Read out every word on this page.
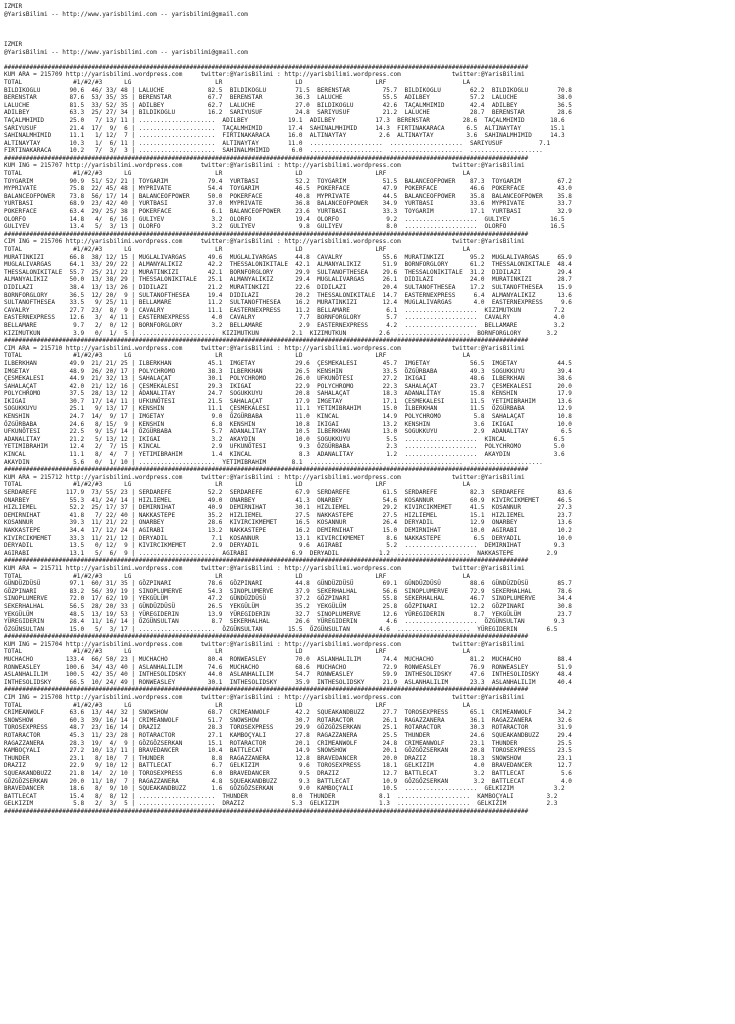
IZMIR
@YarisBilimi -- http://www.yarisbilimi.com -- yarisbilimi@gmail.com

IZMIR
@YarisBilimi -- http://www.yarisbilimi.com -- yarisbilimi@gmail.com

################################################################################################################################################
KUM ARA = 215709 http://yarisbilimi.wordpress.com     twitter:@YarisBilimi : http://yarisbilimi.wordpress.com              twitter:@YarisBilimi
TOTAL              #1/#2/#3      LG                       LR                    LD                    LRF                     LA
BILDIKOGLU        90.6  46/ 33/ 48 | LALUCHE            82.5  BILDIKOGLU        71.5  BERENSTAR         75.7  BILDIKOGLU        62.2  BILDIKOGLU        70.8
BERENSTAR         87.6  53/ 35/ 35 | BERENSTAR          67.7  BERENSTAR         36.3  LALUCHE           55.5  ADILBEY           57.2  LALUCHE           38.0
LALUCHE           81.5  33/ 52/ 35 | ADILBEY            62.7  LALUCHE           27.0  BILDIKOGLU        42.6  TAÇALMHIMID       42.4  ADILBEY           36.5
ADILBEY           63.3  25/ 27/ 34 | BILDIKOGLU         16.2  SARIYUSUF         24.8  SARIYUSUF         21.2  LALUCHE           28.7  BERENSTAR         28.6
TAÇALMHIMID       25.0   7/ 13/ 11 | .....................  ADILBEY           19.1  ADILBEY           17.3  BERENSTAR         28.6  TAÇALMHIMID       18.6
SARIYUSUF         21.4  17/  9/  6 | .....................  TAÇALMHIMID       17.4  SAHINALMHIMID     14.3  FIRTINAKARACA      6.5  ALTINAYTAY        15.1
SAHINALMHIMID     11.1   1/ 12/  7 | .....................  FIRTINAKARACA     16.0  ALTINAYTAY         2.6  ALTINAYTAY         3.6  SAHINALMHIMID     14.3
ALTINAYTAY        10.3   1/  6/ 11 | .....................  ALTINAYTAY        11.0  ....................  ....................  SARIYUSUF          7.1
FIRTINAKARACA     10.2   7/  3/  3 | .....................  SAHINALMHIMID      6.0  ....................  ....................  ....................
################################################################################################################################################
KUM ING = 215707 http://yarisbilimi.wordpress.com     twitter:@YarisBilimi : http://yarisbilimi.wordpress.com              twitter:@YarisBilimi
TOTAL              #1/#2/#3      LG                       LR                    LD                    LRF                     LA
TOYGARIM          90.9  51/ 52/ 21 | TOYGARIM           79.4  YURTBASI          52.2  TOYGARIM          51.5  BALANCEOFPOWER    87.3  TOYGARIM          67.2
MYPRIVATE         75.8  22/ 45/ 48 | MYPRIVATE          54.4  TOYGARIM          46.5  POKERFACE         47.9  POKERFACE         46.6  POKERFACE         43.0
BALANCEOFPOWER    73.8  56/ 17/ 14 | BALANCEOFPOWER     50.0  POKERFACE         40.8  MYPRIVATE         44.5  BALANCEOFPOWER    35.8  BALANCEOFPOWER    35.8
YURTBASI          68.9  23/ 42/ 40 | YURTBASI           37.0  MYPRIVATE         36.8  BALANCEOFPOWER    34.9  YURTBASI          33.6  MYPRIVATE         33.7
POKERFACE         63.4  29/ 25/ 38 | POKERFACE           6.1  BALANCEOFPOWER    23.6  YURTBASI          33.3  TOYGARIM          17.1  YURTBASI          32.9
OLORFO            14.8   4/  6/ 16 | GULIYEV             3.2  OLORFO            19.4  OLORFO             9.2  ....................  GULIYEV           16.5
GULIYEV           13.4   5/  3/ 13 | OLORFO              3.2  GULIYEV            9.8  GULIYEV            8.0  ....................  OLORFO            16.5
################################################################################################################################################
CIM ING = 215706 http://yarisbilimi.wordpress.com     twitter:@YarisBilimi : http://yarisbilimi.wordpress.com              twitter:@YarisBilimi
TOTAL              #1/#2/#3      LG                       LR                    LD                    LRF                     LA
MURATINKIZI       66.8  38/ 12/ 15 | MUGLALIVARGAS      49.6  MUGLALIVARGAS     44.8  CAVALRY           55.6  MURATINKIZI       95.2  MUGLALIVARGAS     65.9
MUGLALIVARGAS     64.1  33/ 29/ 22 | ALMANYALIKIZ       42.2  THESSALONIKITALE  42.1  ALMANYALIKIZ      51.9  BORNFORGLORY      61.2  THESSALONIKITALE  48.4
THESSALONIKITALE  55.7  25/ 21/ 22 | MURATINKIZI        42.1  BORNFORGLORY      29.9  SULTANOFTHESEA    29.6  THESSALONIKITALE  31.2  DIDILAZI          29.4
ALMANYALIKIZ      50.0  13/ 38/ 29 | THESSALONIKITALE   25.1  ALMANYALIKIZ      29.4  MUGLALIVARGAS     26.1  DIDILAZI          24.0  MURATINKIZI       28.7
DIDILAZI          38.4  13/ 13/ 26 | DIDILAZI           21.2  MURATINKIZI       22.6  DIDILAZI          20.4  SULTANOFTHESEA    17.2  SULTANOFTHESEA    15.9
BORNFORGLORY      36.5  12/ 20/  9 | SULTANOFTHESEA     19.4  DIDILAZI          20.2  THESSALONIKITALE  14.7  EASTERNEXPRESS     6.4  ALMANYALIKIZ      13.6
SULTANOFTHESEA    33.5   9/ 25/ 11 | BELLAMARE          11.2  SULTANOFTHESEA    16.2  MURATINKIZI       12.4  MUGLALIVARGAS      4.0  EASTERNEXPRESS     9.6
CAVALRY           27.7  23/  8/  9 | CAVALRY            11.1  EASTERNEXPRESS    11.2  BELLAMARE          6.1  ....................  KIZIMUTKUN         7.2
EASTERNEXPRESS    12.6   3/  4/ 11 | EASTERNEXPRESS      4.0  CAVALRY            7.7  BORNFORGLORY       5.7  ....................  CAVALRY            4.0
BELLAMARE          9.7   2/  0/ 12 | BORNFORGLORY        3.2  BELLAMARE          2.9  EASTERNEXPRESS     4.2  ....................  BELLAMARE          3.2
KIZIMUTKUN         3.9   0/  1/  5 | .....................  KIZIMUTKUN         2.1  KIZIMUTKUN         2.6  ....................  BORNFORGLORY       3.2
################################################################################################################################################
CIM ARA = 215710 http://yarisbilimi.wordpress.com     twitter:@YarisBilimi : http://yarisbilimi.wordpress.com              twitter:@YarisBilimi
TOTAL              #1/#2/#3      LG                       LR                    LD                    LRF                     LA
ILBERKHAN         49.9  21/ 21/ 25 | ILBERKHAN          45.1  IMGETAY           29.6  ÇESMEKALESI       45.7  IMGETAY           56.5  IMGETAY           44.5
IMGETAY           48.9  26/ 20/ 17 | POLYCHROMO         38.3  ILBERKHAN         26.5  KENSHIN           33.5  ÖZGÜRBABA         49.3  SOGUKKUYU         39.4
ÇESMEKALESI       44.9  21/ 32/ 13 | SAHALAÇAT          30.1  POLYCHROMO        26.0  UFKUNÖTESI        27.2  IKIGAI            48.6  ILBERKHAN         38.6
SAHALAÇAT         42.0  21/ 12/ 16 | ÇESMEKALESI        29.3  IKIGAI            22.9  POLYCHROMO        22.3  SAHALAÇAT         23.7  ÇESMEKALESI       20.0
POLYCHROMO        37.5  28/ 13/ 12 | ADANALITAY         24.7  SOGUKKUYU         20.8  SAHALAÇAT         18.3  ADANALITAY        15.8  KENSHIN           17.9
IKIGAI            30.7  17/ 14/ 11 | UFKUNÖTESI         21.5  SAHALAÇAT         17.9  IMGETAY           17.1  ÇESMEKALESI       11.5  YETIMIBRAHIM      13.6
SOGUKKUYU         25.1   9/ 13/ 17 | KENSHIN            11.1  ÇESMEKALESI       11.1  YETIMIBRAHIM      15.0  ILBERKHAN         11.5  ÖZGÜRBABA         12.9
KENSHIN           24.7  14/  9/ 17 | IMGETAY             9.0  ÖZGÜRBABA         11.0  KINCAL            14.9  POLYCHROMO         5.8  SAHALAÇAT         10.8
ÖZGÜRBABA         24.6   8/ 15/  9 | KENSHIN             6.8  KENSHIN           10.8  IKIGAI            13.2  KENSHIN            3.6  IKIGAI            10.0
UFKUNÖTESI        22.5   9/ 15/ 14 | ÖZGÜRBABA           5.7  ADANALITAY        10.5  ILBERKHAN         13.0  SOGUKKUYU          2.9  ADANALITAY         6.5
ADANALITAY        21.2   5/ 13/ 12 | IKIGAI              3.2  AKAYDIN           10.0  SOGUKKUYU          5.5  ....................  KINCAL             6.5
YETIMIBRAHIM      12.4   2/  7/ 15 | KINCAL              2.9  UFKUNÖTESI         9.3  ÖZGÜRBABA          2.3  ....................  POLYCHROMO         5.0
KINCAL            11.1   8/  4/  7 | YETIMIBRAHIM        1.4  KINCAL             8.3  ADANALITAY         1.2  ....................  AKAYDIN            3.6
AKAYDIN            5.6   0/  1/ 10 | .....................  YETIMIBRAHIM       8.1  ....................  ....................  ....................
################################################################################################################################################
KUM ARA = 215712 http://yarisbilimi.wordpress.com     twitter:@YarisBilimi : http://yarisbilimi.wordpress.com              twitter:@YarisBilimi
TOTAL              #1/#2/#3      LG                       LR                    LD                    LRF                     LA
SERDAREFE        117.9  73/ 55/ 23 | SERDAREFE          52.2  SERDAREFE         67.9  SERDAREFE         61.5  SERDAREFE         82.3  SERDAREFE         83.6
ONARBEY           55.3  41/ 24/ 14 | HIZLIEMEL          49.0  ONARBEY           41.3  ONARBEY           54.6  KOSANNUR          60.9  KIVIRCIKMEMET     46.5
HIZLIEMEL         52.2  25/ 17/ 37 | DEMIRNIHAT         40.9  DEMIRNIHAT        30.1  HIZLIEMEL         29.2  KIVIRCIKMEMET     41.5  KOSANNUR          27.3
DEMIRNIHAT        41.8   7/ 22/ 40 | NAKKASTEPE         35.2  HIZLIEMEL         27.5  NAKKASTEPE        27.5  HIZLIEMEL         15.1  HIZLIEMEL         23.7
KOSANNUR          39.3  11/ 21/ 22 | ONARBEY            28.6  KIVIRCIKMEMET     16.5  KOSANNUR          26.4  DERYADIL          12.9  ONARBEY           13.6
NAKKASTEPE        34.4  17/ 12/ 24 | AGIRABI            13.2  NAKKASTEPE        16.2  DEMIRNIHAT        15.0  DEMIRNIHAT        10.0  AGIRABI           10.2
KIVIRCIKMEMET     33.3  11/ 21/ 12 | DERYADIL            7.1  KOSANNUR          13.1  KIVIRCIKMEMET      8.6  NAKKASTEPE         6.5  DERYADIL          10.0
DERYADIL          13.5   0/ 12/  9 | KIVIRCIKMEMET       2.9  DERYADIL           9.6  AGIRABI            5.2  ....................  DEMIRNIHAT         9.3
AGIRABI           13.1   5/  6/  9 | .....................  AGIRABI            6.9  DERYADIL           1.2  ....................  NAKKASTEPE         2.9
################################################################################################################################################
KUM ARA = 215711 http://yarisbilimi.wordpress.com     twitter:@YarisBilimi : http://yarisbilimi.wordpress.com              twitter:@YarisBilimi
TOTAL              #1/#2/#3      LG                       LR                    LD                    LRF                     LA
GÜNDÜZDÜSÜ        97.1  60/ 31/ 35 | GÖZPINARI          78.6  GÖZPINARI         44.8  GÜNDÜZDÜSÜ        69.1  GÜNDÜZDÜSÜ        88.6  GÜNDÜZDÜSÜ        85.7
GÖZPINARI         83.2  56/ 39/ 19 | SINOPLUMERVE       54.3  SINOPLUMERVE      37.9  SEKERHALHAL       56.6  SINOPLUMERVE      72.9  SEKERHALHAL       78.6
SINOPLUMERVE      72.0  17/ 62/ 19 | YEKGÜLÜM           47.2  GÜNDÜZDÜSÜ        37.2  GÖZPINARI         55.8  SEKERHALHAL       46.7  SINOPLUMERVE      34.4
SEKERHALHAL       56.5  28/ 20/ 33 | GÜNDÜZDÜSÜ         26.5  YEKGÜLÜM          35.2  YEKGÜLÜM          25.8  GÖZPINARI         12.2  GÖZPINARI         30.8
YEKGÜLÜM          48.5  13/ 19/ 53 | YÜREGIDERIN        13.9  YÜREGIDERIN       32.7  SINOPLUMERVE      12.6  YÜREGIDERIN        8.7  YEKGÜLÜM          23.7
YÜREGIDERIN       28.4  11/ 16/ 14 | ÖZGÜNSULTAN         8.7  SEKERHALHAL       26.6  YÜREGIDERIN        4.6  ....................  ÖZGÜNSULTAN        9.3
ÖZGÜNSULTAN       15.0   5/  3/ 17 | .....................  ÖZGÜNSULTAN       15.5  ÖZGÜNSULTAN        4.6  ....................  YÜREGIDERIN        6.5
################################################################################################################################################
KUM ING = 215704 http://yarisbilimi.wordpress.com     twitter:@YarisBilimi : http://yarisbilimi.wordpress.com              twitter:@YarisBilimi
TOTAL              #1/#2/#3      LG                       LR                    LD                    LRF                     LA
MUCHACHO         133.4  66/ 50/ 23 | MUCHACHO           80.4  RONWEASLEY        70.0  ASLANHALILIM      74.4  MUCHACHO          81.2  MUCHACHO          88.4
RONWEASLEY       100.6  34/ 43/ 40 | ASLANHALILIM       74.6  MUCHACHO          68.6  MUCHACHO          72.9  RONWEASLEY        76.9  RONWEASLEY        51.9
ASLANHALILIM     100.5  42/ 35/ 40 | INTHESOLIDSKY      44.0  ASLANHALILIM      54.7  RONWEASLEY        59.9  INTHESOLIDSKY     47.6  INTHESOLIDSKY     48.4
INTHESOLIDSKY     66.5  10/ 24/ 49 | RONWEASLEY         30.1  INTHESOLIDSKY     35.9  INTHESOLIDSKY     21.9  ASLANHALILIM      23.3  ASLANHALILIM      40.4
################################################################################################################################################
CIM ING = 215708 http://yarisbilimi.wordpress.com     twitter:@YarisBilimi : http://yarisbilimi.wordpress.com              twitter:@YarisBilimi
TOTAL              #1/#2/#3      LG                       LR                    LD                    LRF                     LA
CRIMEANWOLF       63.6  13/ 44/ 32 | SNOWSHOW           68.7  CRIMEANWOLF       42.2  SQUEAKANDBUZZ     27.7  TOROSEXPRESS      65.1  CRIMEANWOLF       34.2
SNOWSHOW          60.3  39/ 16/ 14 | CRIMEANWOLF        51.7  SNOWSHOW          30.7  ROTARACTOR        26.1  RAGAZZANERA       36.1  RAGAZZANERA       32.6
TOROSEXPRESS      48.7  23/ 16/ 14 | DRAZIZ             28.3  TOROSEXPRESS      29.9  GÖZGÖZSERKAN      25.1  ROTARACTOR        30.3  ROTARACTOR        31.9
ROTARACTOR        45.3  11/ 23/ 28 | ROTARACTOR         27.1  KAMBOÇYALI        27.8  RAGAZZANERA       25.5  THUNDER           24.6  SQUEAKANDBUZZ     29.4
RAGAZZANERA       28.3  19/  4/  9 | GÖZGÖZSERKAN       15.1  ROTARACTOR        20.1  CRIMEANWOLF       24.8  CRIMEANWOLF       23.1  THUNDER           25.5
KAMBOÇYALI        27.2  10/ 13/ 11 | BRAVEDANCER        10.4  BATTLECAT         14.9  SNOWSHOW          20.1  GÖZGÖZSERKAN      20.8  TOROSEXPRESS      23.5
THUNDER           23.1   8/ 10/  7 | THUNDER             8.8  RAGAZZANERA       12.8  BRAVEDANCER       20.0  DRAZIZ            18.3  SNOWSHOW          23.1
DRAZIZ            22.9   9/ 10/ 12 | BATTLECAT           6.7  GELKIZIM           9.6  TOROSEXPRESS      18.1  GELKIZIM           4.0  BRAVEDANCER       12.7
SQUEAKANDBUZZ     21.8  14/  2/ 10 | TOROSEXPRESS        6.0  BRAVEDANCER        9.5  DRAZIZ            12.7  BATTLECAT          3.2  BATTLECAT          5.6
GÖZGÖZSERKAN      20.0  11/ 10/  7 | RAGAZZANERA         4.8  SQUEAKANDBUZZ      9.3  BATTLECAT         10.9  GÖZGÖZSERKAN       3.2  BATTLECAT          4.0
BRAVEDANCER       18.6   8/  9/ 10 | SQUEAKANDBUZZ       1.6  GÖZGÖZSERKAN       9.0  KAMBOÇYALI        10.5  ....................  GELKIZIM           3.2
BATTLECAT         15.4   8/  8/ 12 | .....................  THUNDER            8.0  THUNDER            8.1  ....................  KAMBOÇYALI         3.2
GELKIZIM           5.8   2/  3/  5 | .....................  DRAZIZ             5.3  GELKIZIM           1.3  ....................  GELKIZIM           2.3
################################################################################################################################################
